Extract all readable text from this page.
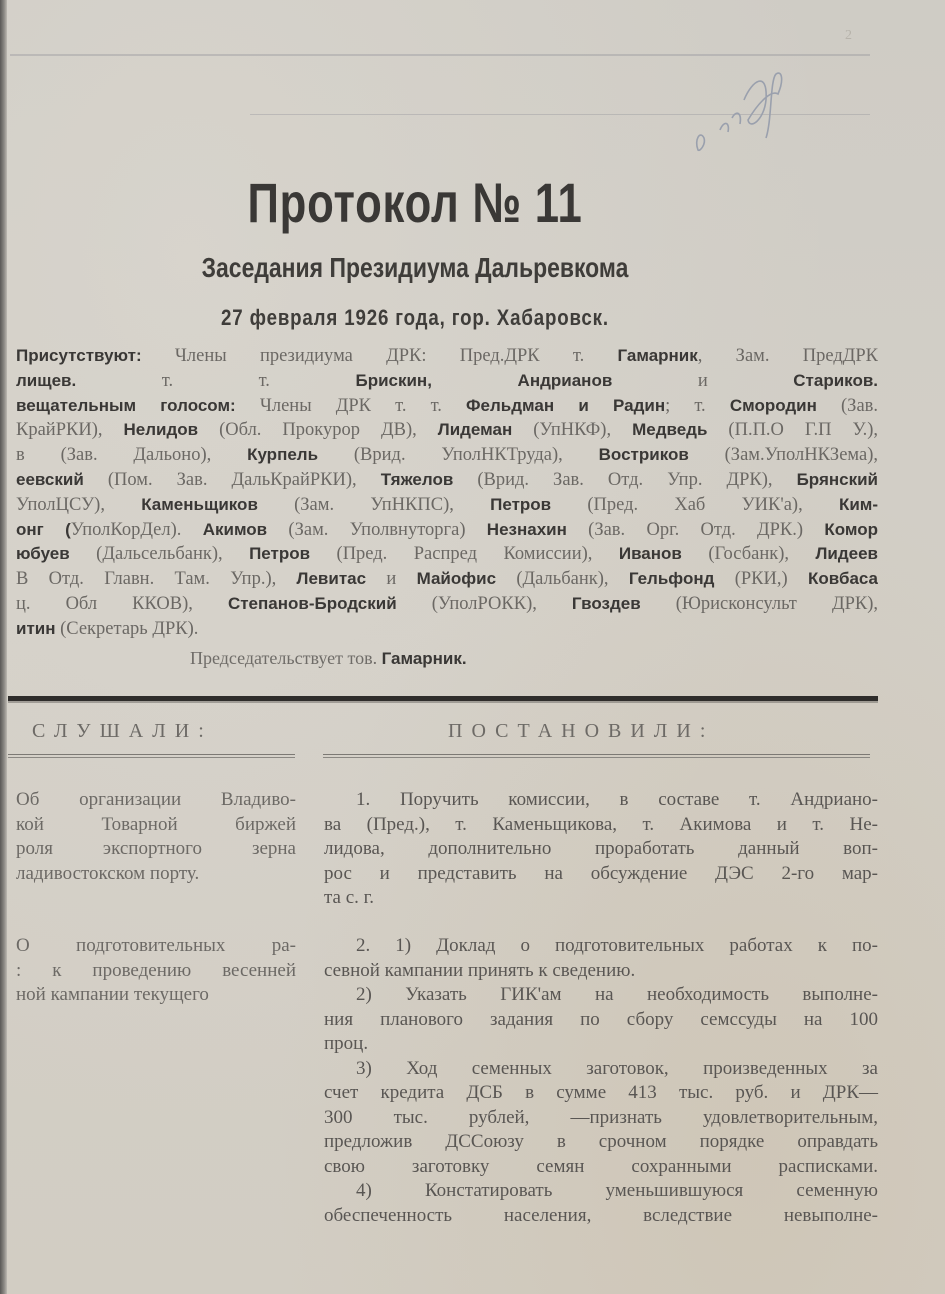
2
Протокол № 11
Заседания Президиума Дальревкома
27 февраля 1926 года, гор. Хабаровск.
Присутствуют: Члены президиума ДРК: Пред.ДРК т. Гамарник, Зам. ПредДРК
лищев. т. т. Брискин, Андрианов и Стариков.
вещательным голосом: Члены ДРК т. т. Фельдман и Радин; т. Смородин (Зав.
КрайРКИ), Нелидов (Обл. Прокурор ДВ), Лидеман (УпНКФ), Медведь (П.П.О Г.П У.),
в (Зав. Дальоно), Курпель (Врид. УполНКТруда), Востриков (Зам.УполНКЗема),
еевский (Пом. Зав. ДальКрайРКИ), Тяжелов (Врид. Зав. Отд. Упр. ДРК), Брянский
УполЦСУ), Каменьщиков (Зам. УпНКПС), Петров (Пред. Хаб УИК'а), Ким-
онг (УполКорДел). Акимов (Зам. Уполвнуторга) Незнахин (Зав. Орг. Отд. ДРК.) Комор
юбуев (Дальсельбанк), Петров (Пред. Распред Комиссии), Иванов (Госбанк), Лидеев
В Отд. Главн. Там. Упр.), Левитас и Майофис (Дальбанк), Гельфонд (РКИ,) Ковбаса
ц. Обл ККОВ), Степанов-Бродский (УполРОКК), Гвоздев (Юрисконсульт ДРК),
итин (Секретарь ДРК).
Председательствует тов. Гамарник.
СЛУШАЛИ:	ПОСТАНОВИЛИ:
Об организации Владиво-
кой Товарной биржей
роля экспортного зерна
ладивостокском порту.
1. Поручить комиссии, в составе т. Андриано-
ва (Пред.), т. Каменьщикова, т. Акимова и т. Не-
лидова, дополнительно проработать данный воп-
рос и представить на обсуждение ДЭС 2-го мар-
та с. г.
О подготовительных ра-
: к проведению весенней
ной кампании текущего
2. 1) Доклад о подготовительных работах к по-
севной кампании принять к сведению.
2) Указать ГИК'ам на необходимость выполне-
ния планового задания по сбору семссуды на 100
проц.
3) Ход семенных заготовок, произведенных за
счет кредита ДСБ в сумме 413 тыс. руб. и ДРК—
300 тыс. рублей, —признать удовлетворительным,
предложив ДССоюзу в срочном порядке оправдать
свою заготовку семян сохранными расписками.
4) Констатировать уменьшившуюся семенную
обеспеченность населения, вследствие невыполне-
